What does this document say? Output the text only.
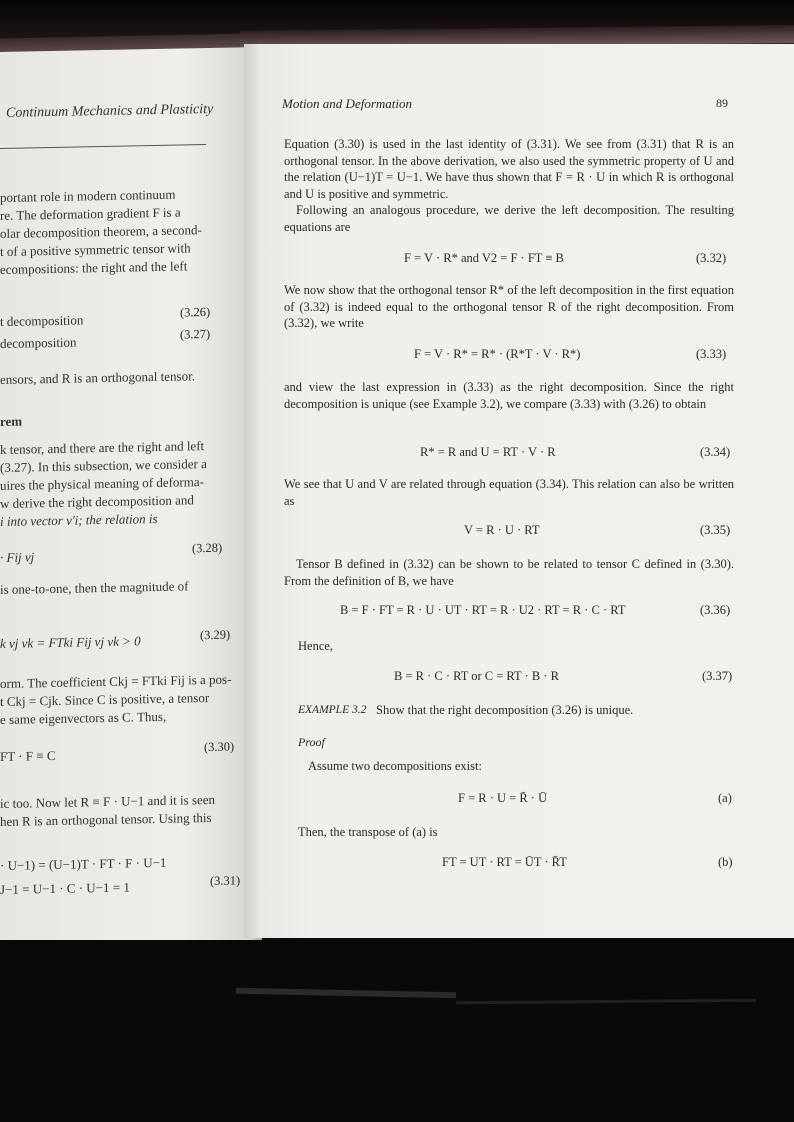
Continuum Mechanics and Plasticity
portant role in modern continuum
re. The deformation gradient F is a
olar decomposition theorem, a second-
t of a positive symmetric tensor with
ecompositions: the right and the left
t decomposition
(3.26)
decomposition
(3.27)
ensors, and R is an orthogonal tensor.
rem
k tensor, and there are the right and left
(3.27). In this subsection, we consider a
uires the physical meaning of deforma-
w derive the right decomposition and
i into vector v'i; the relation is
· Fij vj
(3.28)
is one-to-one, then the magnitude of
k vj vk = FTki Fij vj vk > 0	(3.29)
orm. The coefficient Ckj = FTki Fij is a pos-
t Ckj = Cjk. Since C is positive, a tensor
e same eigenvectors as C. Thus,
FT · F ≡ C
(3.30)
ic too. Now let R ≡ F · U−1 and it is seen
hen R is an orthogonal tensor. Using this
· U−1) = (U−1)T · FT · F · U−1
J−1 = U−1 · C · U−1 = 1	(3.31)
Motion and Deformation	89
Equation (3.30) is used in the last identity of (3.31). We see from (3.31) that R is an orthogonal tensor. In the above derivation, we also used the symmetric property of U and the relation (U−1)T = U−1. We have thus shown that F = R · U in which R is orthogonal and U is positive and symmetric.
Following an analogous procedure, we derive the left decomposition. The resulting equations are
F = V · R* and V2 = F · FT ≡ B	(3.32)
We now show that the orthogonal tensor R* of the left decomposition in the first equation of (3.32) is indeed equal to the orthogonal tensor R of the right decomposition. From (3.32), we write
F = V · R* = R* · (R*T · V · R*)	(3.33)
and view the last expression in (3.33) as the right decomposition. Since the right decomposition is unique (see Example 3.2), we compare (3.33) with (3.26) to obtain
R* = R and U = RT · V · R	(3.34)
We see that U and V are related through equation (3.34). This relation can also be written as
V = R · U · RT	(3.35)
Tensor B defined in (3.32) can be shown to be related to tensor C defined in (3.30). From the definition of B, we have
B = F · FT = R · U · UT · RT = R · U2 · RT = R · C · RT	(3.36)
Hence,
B = R · C · RT or C = RT · B · R	(3.37)
EXAMPLE 3.2 Show that the right decomposition (3.26) is unique.
Proof
Assume two decompositions exist:
F = R · U = R̄ · Ū	(a)
Then, the transpose of (a) is
FT = UT · RT = ŪT · R̄T	(b)
